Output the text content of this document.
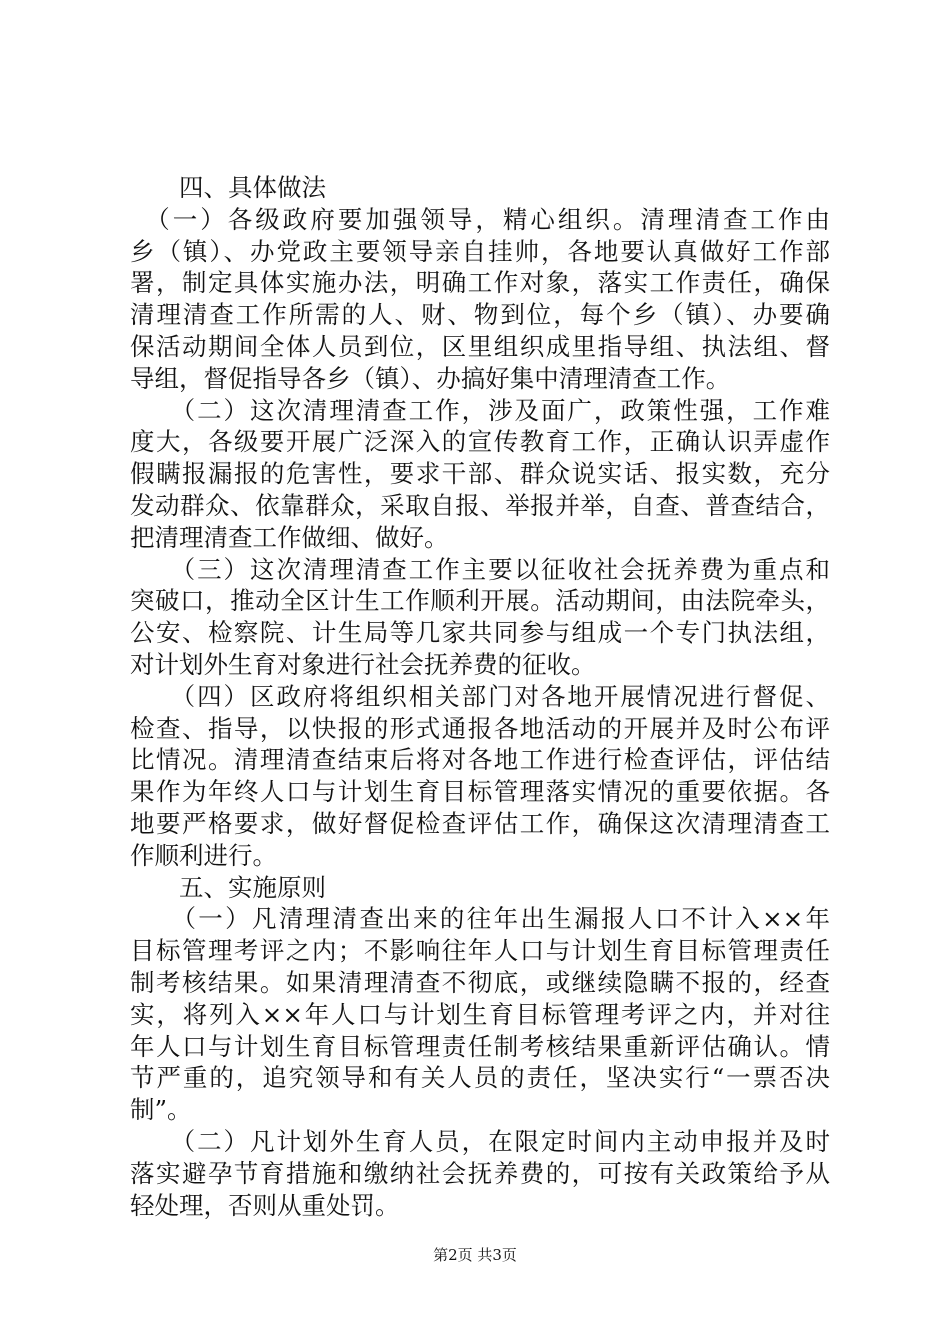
　　四、具体做法
　（一）各级政府要加强领导，精心组织。清理清查工作由
乡（镇）、办党政主要领导亲自挂帅，各地要认真做好工作部
署，制定具体实施办法，明确工作对象，落实工作责任，确保
清理清查工作所需的人、财、物到位，每个乡（镇）、办要确
保活动期间全体人员到位，区里组织成里指导组、执法组、督
导组，督促指导各乡（镇）、办搞好集中清理清查工作。
　　（二）这次清理清查工作，涉及面广，政策性强，工作难
度大，各级要开展广泛深入的宣传教育工作，正确认识弄虚作
假瞒报漏报的危害性，要求干部、群众说实话、报实数，充分
发动群众、依靠群众，采取自报、举报并举，自查、普查结合，
把清理清查工作做细、做好。
　　（三）这次清理清查工作主要以征收社会抚养费为重点和
突破口，推动全区计生工作顺利开展。活动期间，由法院牵头，
公安、检察院、计生局等几家共同参与组成一个专门执法组，
对计划外生育对象进行社会抚养费的征收。
　　（四）区政府将组织相关部门对各地开展情况进行督促、
检查、指导，以快报的形式通报各地活动的开展并及时公布评
比情况。清理清查结束后将对各地工作进行检查评估，评估结
果作为年终人口与计划生育目标管理落实情况的重要依据。各
地要严格要求，做好督促检查评估工作，确保这次清理清查工
作顺利进行。
　　五、实施原则
　　（一）凡清理清查出来的往年出生漏报人口不计入××年
目标管理考评之内；不影响往年人口与计划生育目标管理责任
制考核结果。如果清理清查不彻底，或继续隐瞒不报的，经查
实，将列入××年人口与计划生育目标管理考评之内，并对往
年人口与计划生育目标管理责任制考核结果重新评估确认。情
节严重的，追究领导和有关人员的责任，坚决实行“一票否决
制”。
　　（二）凡计划外生育人员，在限定时间内主动申报并及时
落实避孕节育措施和缴纳社会抚养费的，可按有关政策给予从
轻处理，否则从重处罚。
第2页 共3页
